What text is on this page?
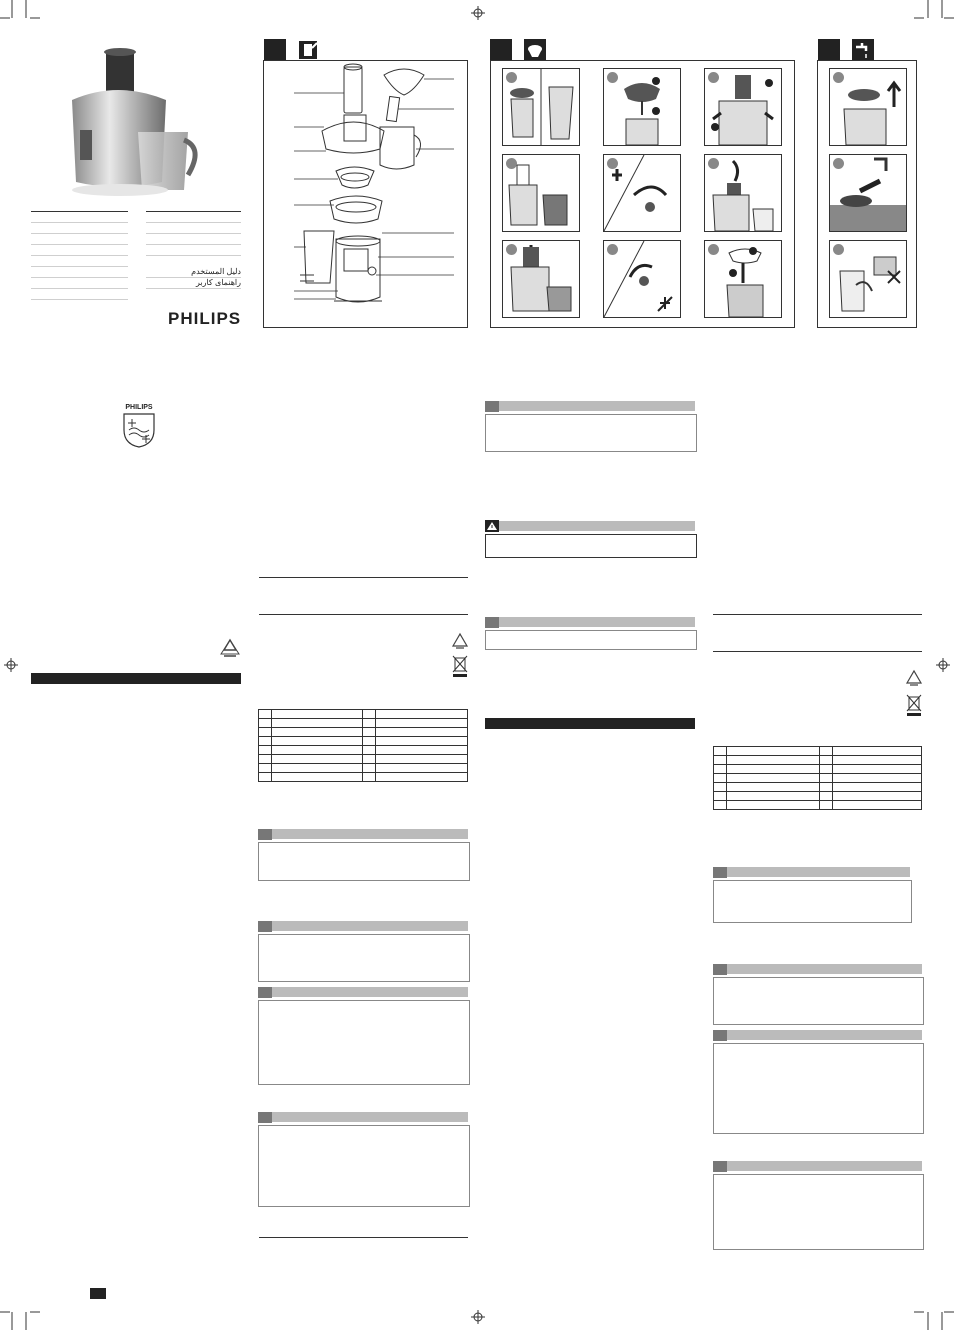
دليل المستخدم
راهنمای كاربر
PHILIPS
PHILIPS
